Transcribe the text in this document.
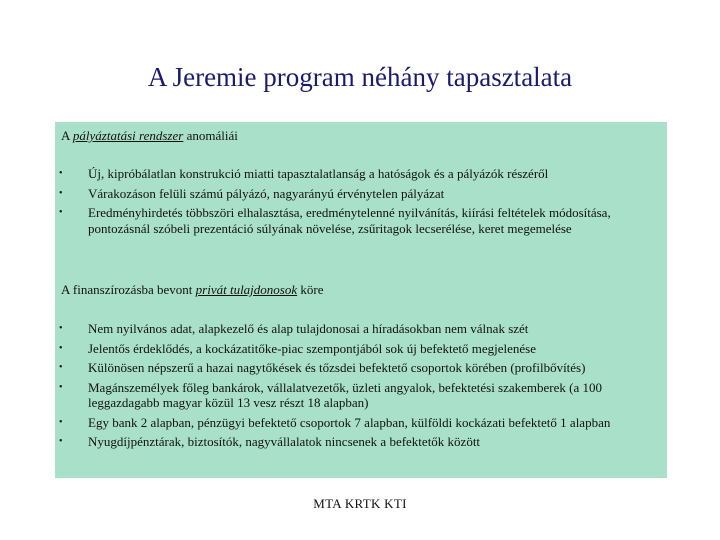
A Jeremie program néhány tapasztalata
A pályáztatási rendszer anomáliái
• Új, kipróbálatlan konstrukció miatti tapasztalatlanság a hatóságok és a pályázók részéről
• Várakozáson felüli számú pályázó, nagyarányú érvénytelen pályázat
• Eredményhirdetés többszöri elhalasztása, eredménytelenné nyilvánítás, kiírási feltételek módosítása, pontozásnál szóbeli prezentáció súlyának növelése, zsűritagok lecserélése, keret megemelése
A finanszírozásba bevont privát tulajdonosok köre
• Nem nyilvános adat, alapkezelő és alap tulajdonosai a híradásokban nem válnak szét
• Jelentős érdeklődés, a kockázatitőke-piac szempontjából sok új befektető megjelenése
• Különösen népszerű a hazai nagytőkések és tőzsdei befektető csoportok körében (profilbővítés)
• Magánszemélyek főleg bankárok, vállalatvezetők, üzleti angyalok, befektetési szakemberek (a 100 leggazdagabb magyar közül 13 vesz részt 18 alapban)
• Egy bank 2 alapban, pénzügyi befektető csoportok 7 alapban, külföldi kockázati befektető 1 alapban
• Nyugdíjpénztárak, biztosítók, nagyvállalatok nincsenek a befektetők között
MTA KRTK KTI
